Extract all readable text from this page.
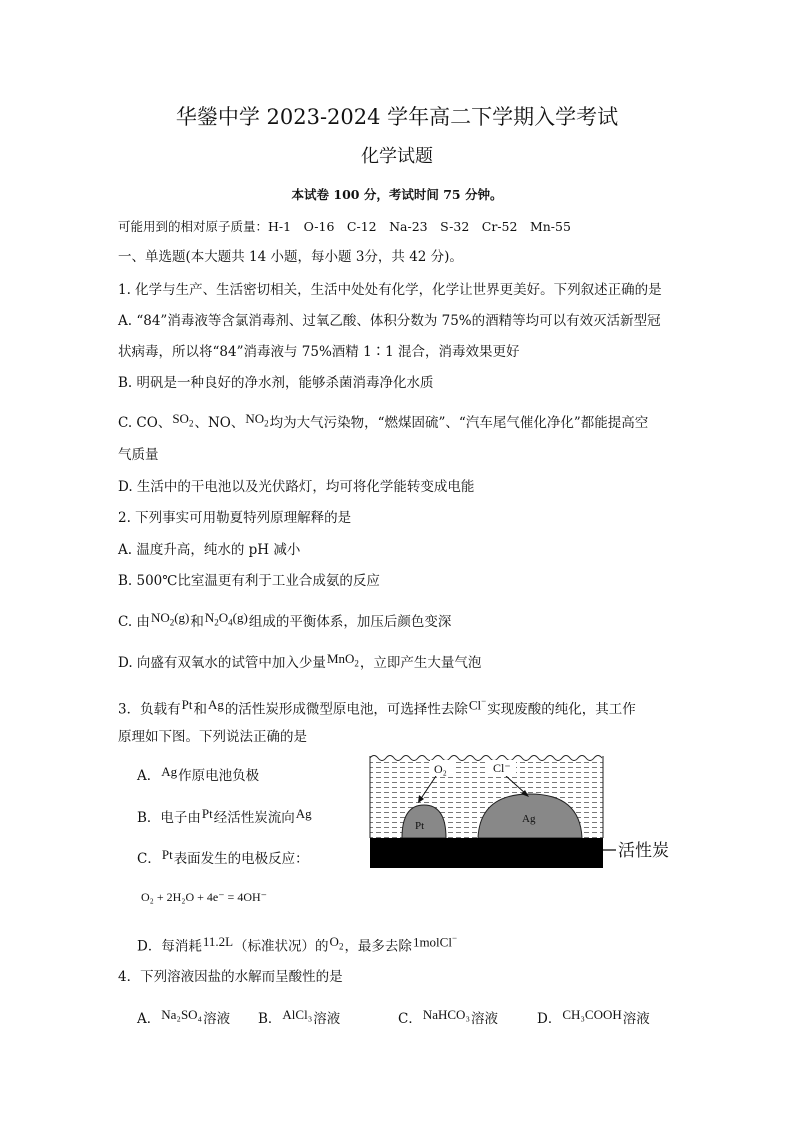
华鎣中学 2023-2024 学年高二下学期入学考试
化学试题
本试卷 100 分，考试时间 75 分钟。
可能用到的相对原子质量：H-1　O-16　C-12　Na-23　S-32　Cr-52　Mn-55
一、单选题(本大题共 14 小题，每小题 3分，共 42 分)。
1. 化学与生产、生活密切相关，生活中处处有化学，化学让世界更美好。下列叙述正确的是
A. “84”消毒液等含氯消毒剂、过氧乙酸、体积分数为 75%的酒精等均可以有效灭活新型冠
状病毒，所以将“84”消毒液与 75%酒精 1∶1 混合，消毒效果更好
B. 明矾是一种良好的净水剂，能够杀菌消毒净化水质
C. CO、$SO_2$、NO、$NO_2$均为大气污染物，“燃煤固硫”、“汽车尾气催化净化”都能提高空
气质量
D. 生活中的干电池以及光伏路灯，均可将化学能转变成电能
2. 下列事实可用勒夏特列原理解释的是
A. 温度升高，纯水的 pH 减小
B. 500℃比室温更有利于工业合成氨的反应
C. 由$NO_2(g)$和$N_2O_4(g)$组成的平衡体系，加压后颜色变深
D. 向盛有双氧水的试管中加入少量MnO$_2$，立即产生大量气泡
3．负载有Pt和Ag的活性炭形成微型原电池，可选择性去除Cl−实现废酸的纯化，其工作
原理如下图。下列说法正确的是
A．Ag作原电池负极
B．电子由Pt经活性炭流向Ag
C．Pt表面发生的电极反应：
O₂ + 2H₂O + 4e⁻ = 4OH⁻
D．每消耗11.2L（标准状况）的$O_2$，最多去除1molCl−
O₂	Cl⁻
Pt
Ag
活性炭
4．下列溶液因盐的水解而呈酸性的是
A．Na₂SO₄溶液 B．AlCl₃溶液	C．NaHCO₃溶液	D．CH₃COOH溶液
